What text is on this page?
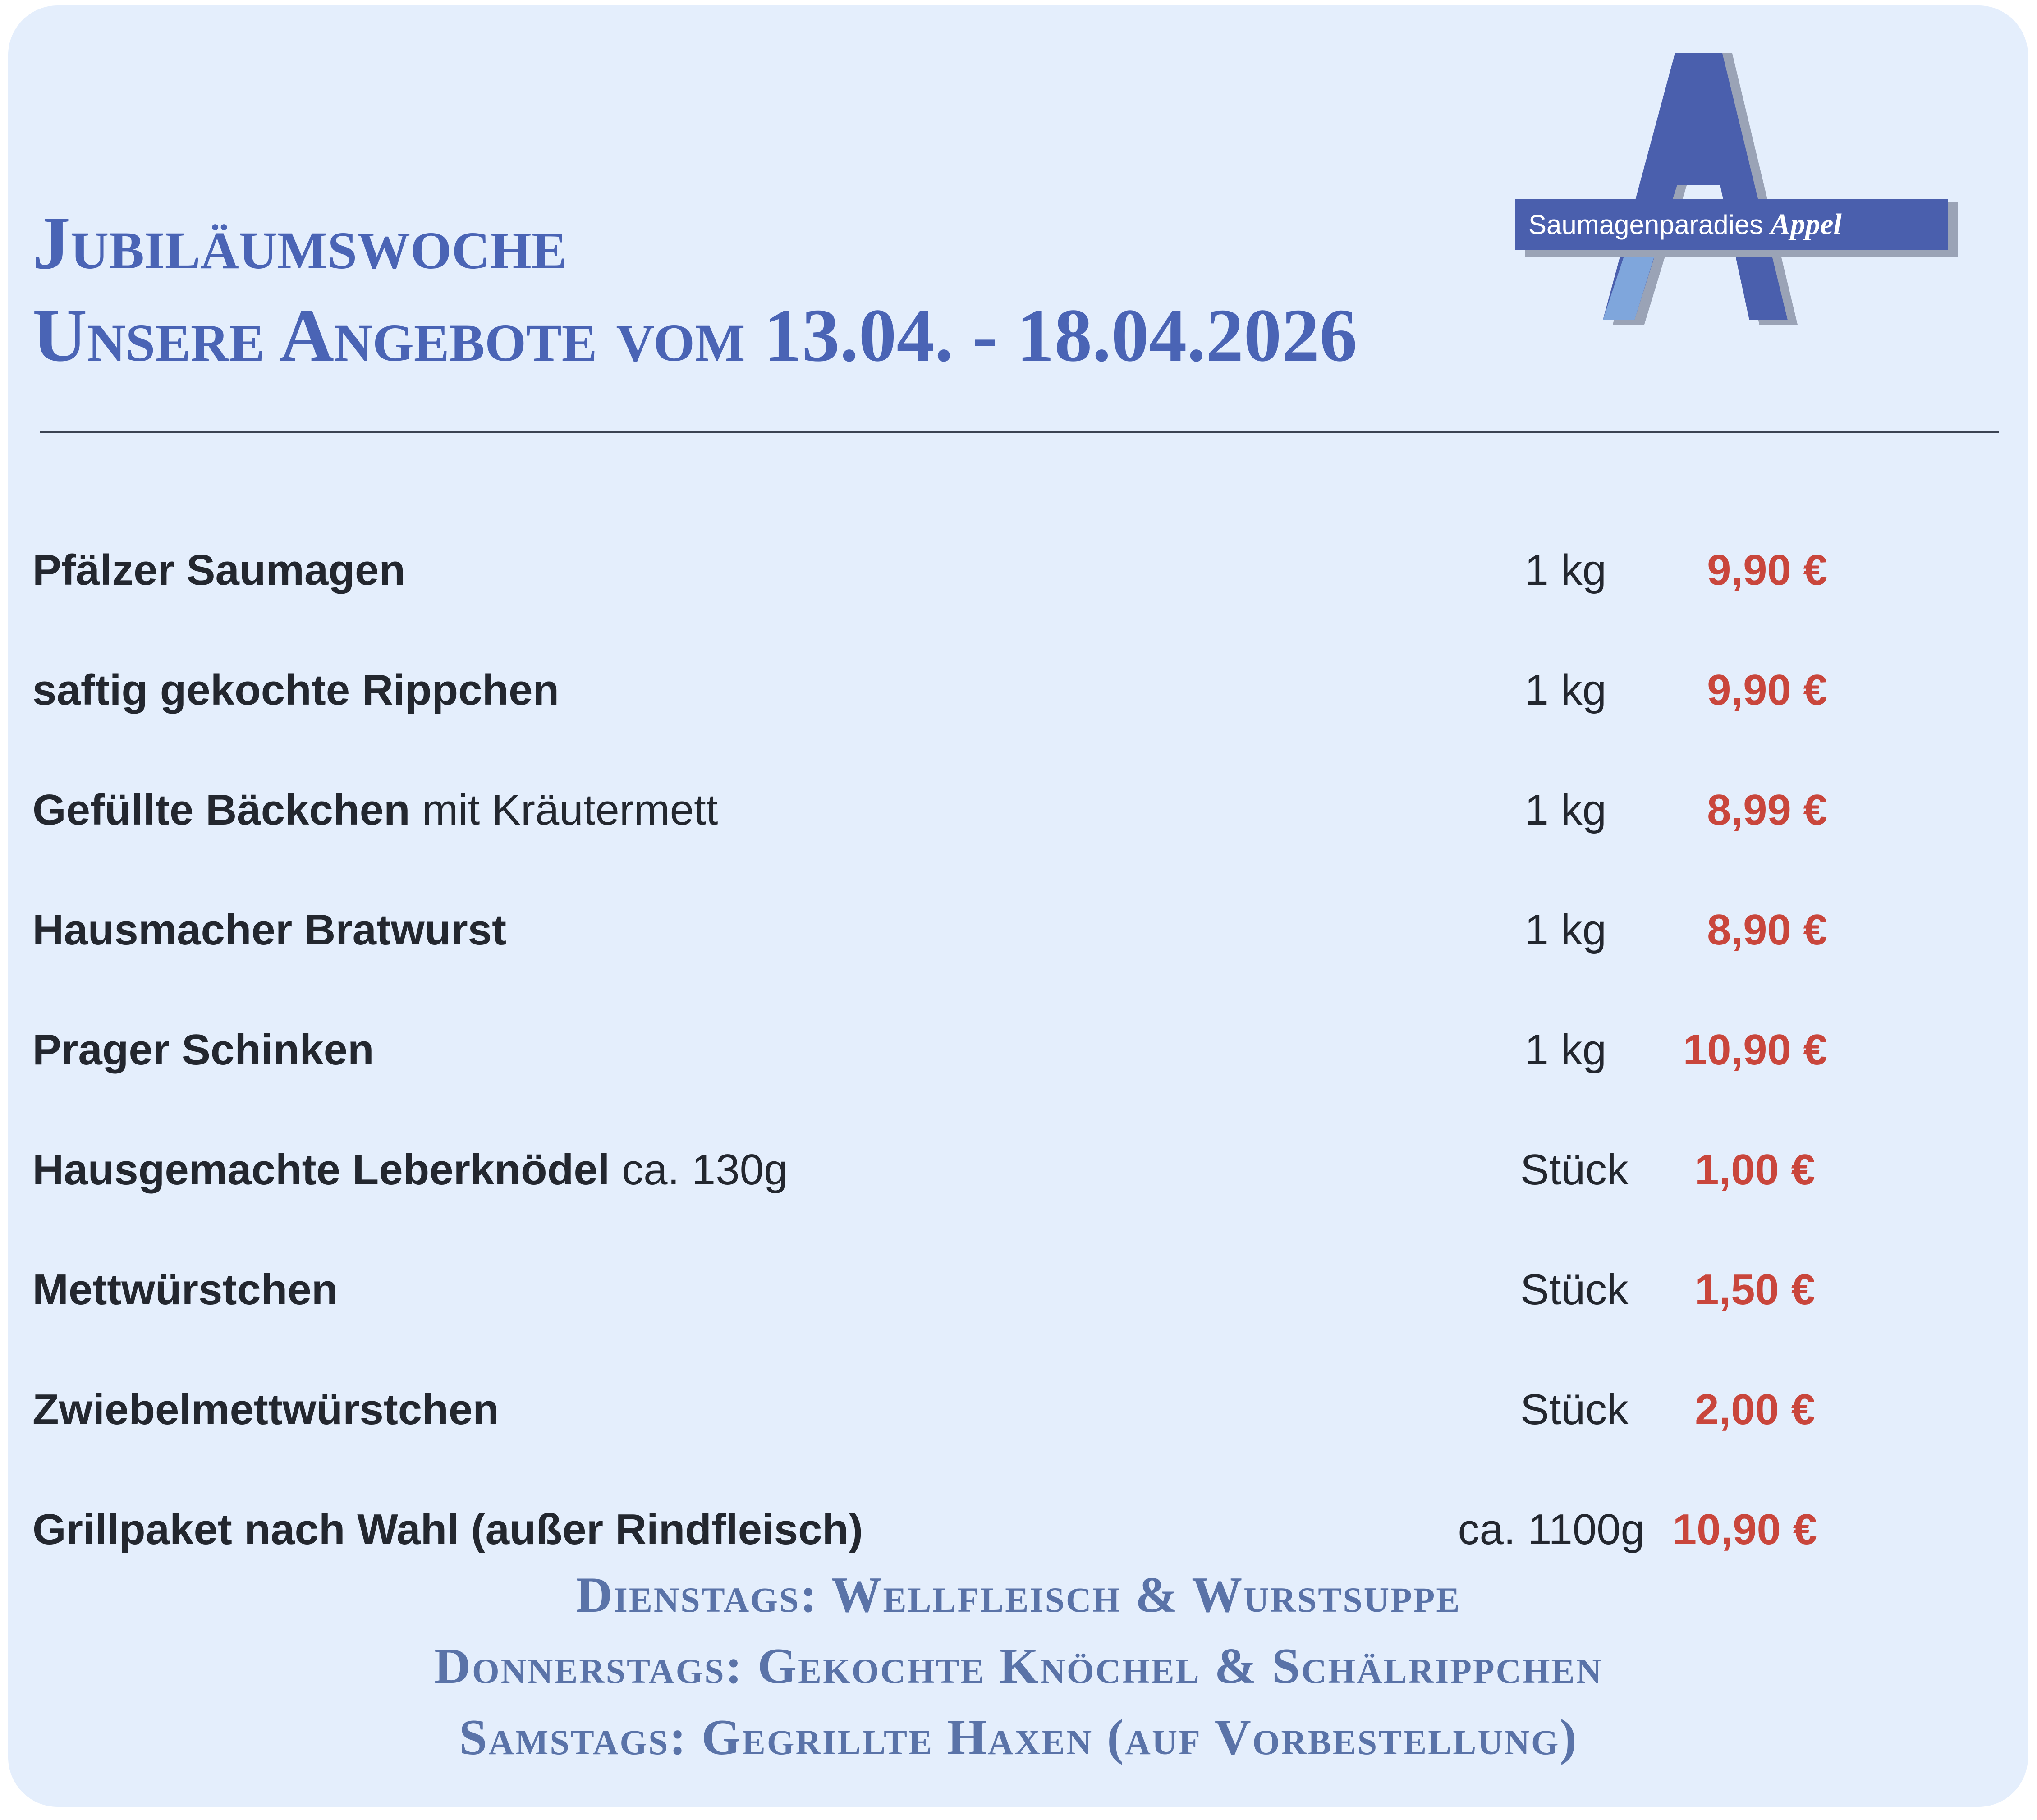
Jubiläumswoche
Unsere Angebote vom 13.04. - 18.04.2026
Saumagenparadies Appel
Pfälzer Saumagen	1 kg 9,90 €
saftig gekochte Rippchen	1 kg 9,90 €
Gefüllte Bäckchen mit Kräutermett	1 kg 8,99 €
Hausmacher Bratwurst	1 kg 8,90 €
Prager Schinken	1 kg 10,90 €
Hausgemachte Leberknödel ca. 130g	Stück 1,00 €
Mettwürstchen	Stück 1,50 €
Zwiebelmettwürstchen	Stück 2,00 €
Grillpaket nach Wahl (außer Rindfleisch)	ca. 1100g 10,90 €
Dienstags: Wellfleisch & Wurstsuppe
Donnerstags: Gekochte Knöchel & Schälrippchen
Samstags: Gegrillte Haxen (auf Vorbestellung)
